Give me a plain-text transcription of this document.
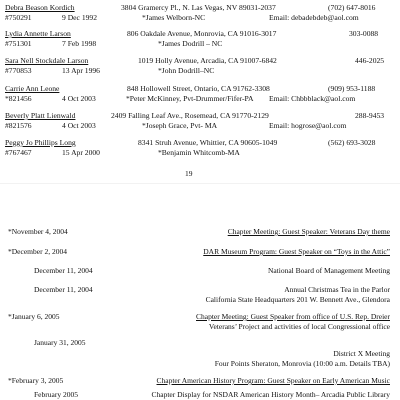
Debra Beason Kordich	3804 Gramercy Pl., N. Las Vegas, NV 89031-2037	(702) 647-8016
#750291	9 Dec 1992	*James Welborn-NC	Email: debadebdeb@aol.com
Lydia Annette Larson	806 Oakdale Avenue, Monrovia, CA 91016-3017	303-0088
#751301	7 Feb 1998	*James Dodrill – NC
Sara Nell Stockdale Larson	1019 Holly Avenue, Arcadia, CA 91007-6842	446-2025
#770853	13 Apr 1996	*John Dodrill–NC
Carrie Ann Leone	848 Hollowell Street, Ontario, CA 91762-3308	(909) 953-1188
*821456	4 Oct 2003	*Peter McKinney, Pvt-Drummer/Fifer-PA Email: Chbbblack@aol.com
Beverly Platt Lienwald	2409 Falling Leaf Ave., Rosemead, CA 91770-2129	288-9453
#821576	4 Oct 2003	*Joseph Grace, Pvt- MA	Email: hogrose@aol.com
Peggy Jo Phillips Long	8341 Struh Avenue, Whittier, CA 90605-1049	(562) 693-3028
#767467	15 Apr 2000	*Benjamin Whitcomb-MA
19
*November 4, 2004	Chapter Meeting: Guest Speaker: Veterans Day theme
*December 2, 2004	DAR Museum Program: Guest Speaker on “Toys in the Attic”
December 11, 2004	National Board of Management Meeting
December 11, 2004	Annual Christmas Tea in the Parlor
California State Headquarters 201 W. Bennett Ave., Glendora
*January 6, 2005	Chapter Meeting: Guest Speaker from office of U.S. Rep. Dreier
Veterans’ Project and activities of local Congressional office
January 31, 2005
District X Meeting
Four Points Sheraton, Monrovia (10:00 a.m. Details TBA)
*February 3, 2005	Chapter American History Program: Guest Speaker on Early American Music
February 2005	Chapter Display for NSDAR American History Month– Arcadia Public Library
